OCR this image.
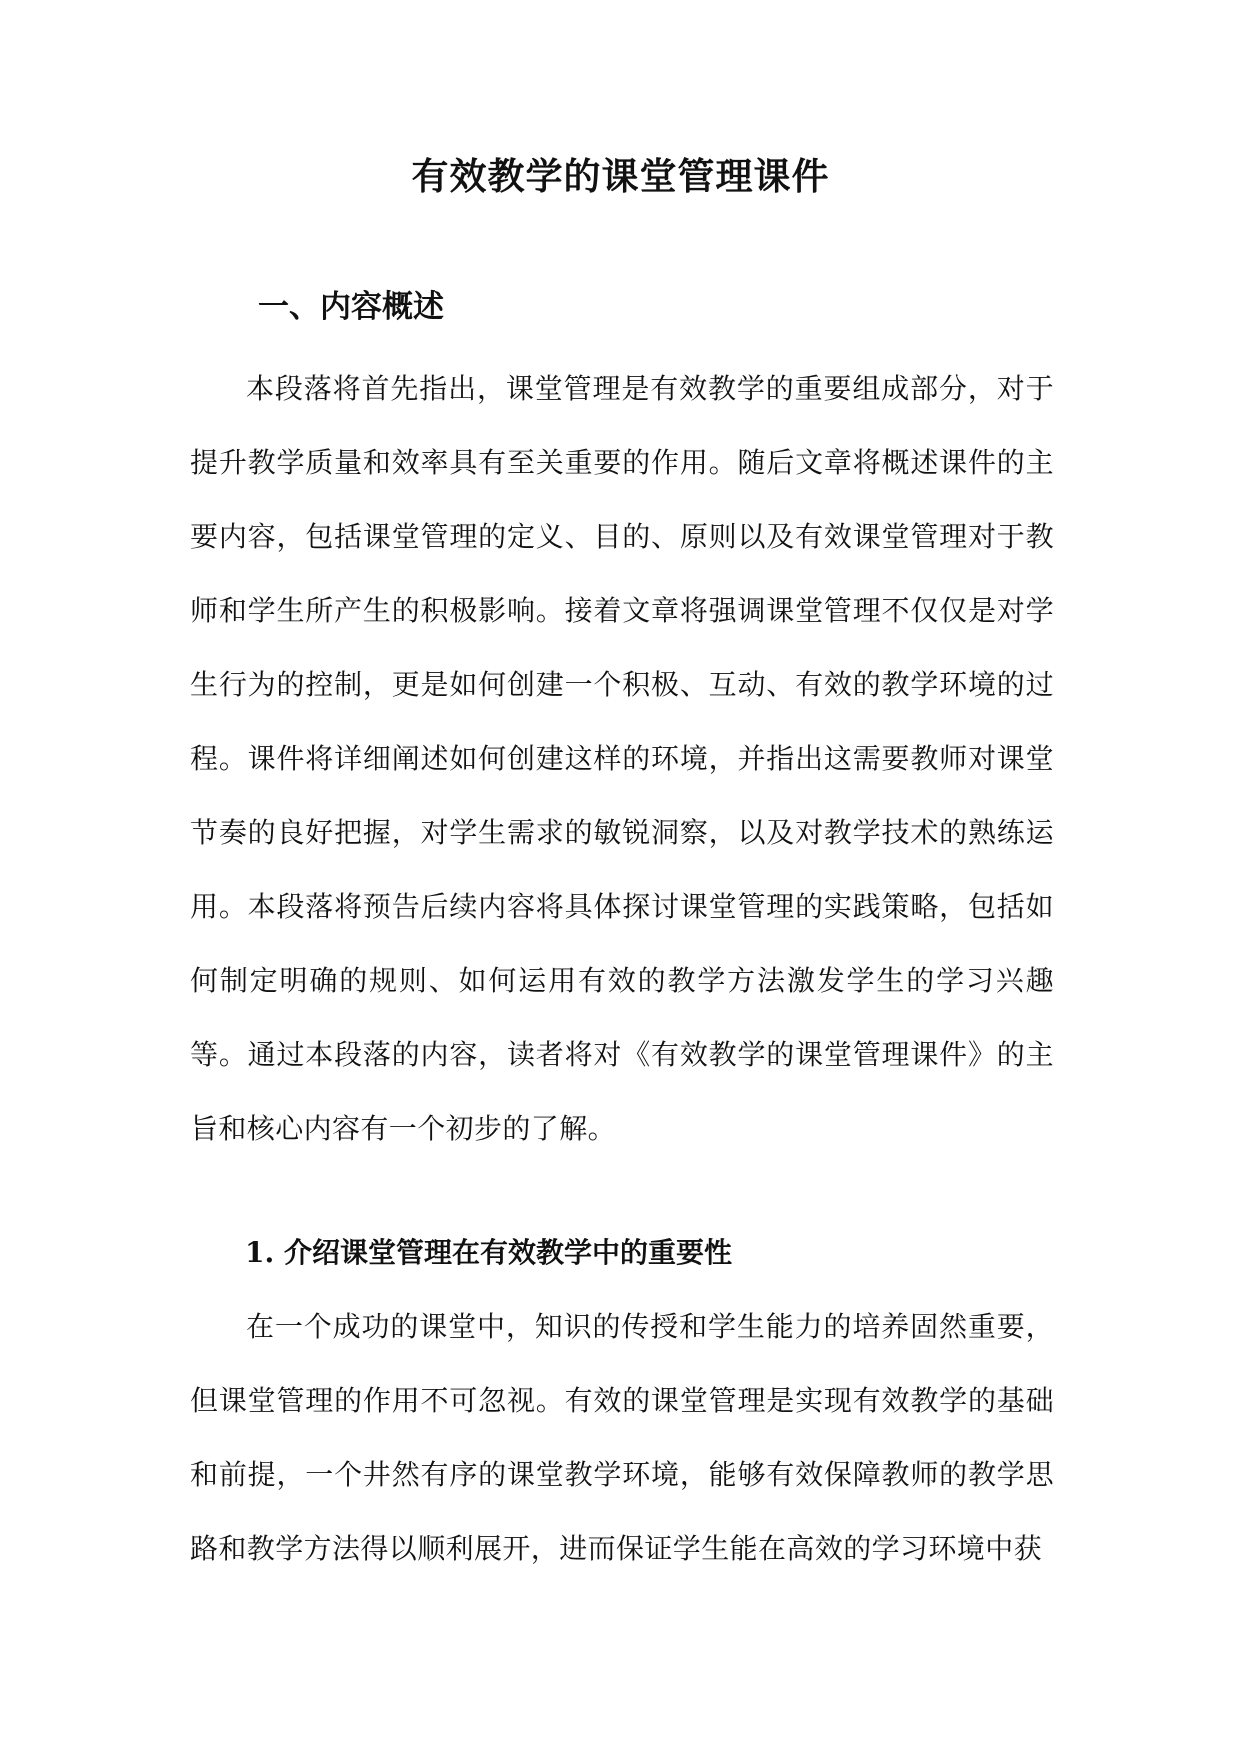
有效教学的课堂管理课件
一、内容概述

本段落将首先指出，课堂管理是有效教学的重要组成部分，对于提升教学质量和效率具有至关重要的作用。随后文章将概述课件的主要内容，包括课堂管理的定义、目的、原则以及有效课堂管理对于教师和学生所产生的积极影响。接着文章将强调课堂管理不仅仅是对学生行为的控制，更是如何创建一个积极、互动、有效的教学环境的过程。课件将详细阐述如何创建这样的环境，并指出这需要教师对课堂节奏的良好把握，对学生需求的敏锐洞察，以及对教学技术的熟练运用。本段落将预告后续内容将具体探讨课堂管理的实践策略，包括如何制定明确的规则、如何运用有效的教学方法激发学生的学习兴趣等。通过本段落的内容，读者将对《有效教学的课堂管理课件》的主旨和核心内容有一个初步的了解。

1. 介绍课堂管理在有效教学中的重要性

在一个成功的课堂中，知识的传授和学生能力的培养固然重要，但课堂管理的作用不可忽视。有效的课堂管理是实现有效教学的基础和前提，一个井然有序的课堂教学环境，能够有效保障教师的教学思路和教学方法得以顺利展开，进而保证学生能在高效的学习环境中获
